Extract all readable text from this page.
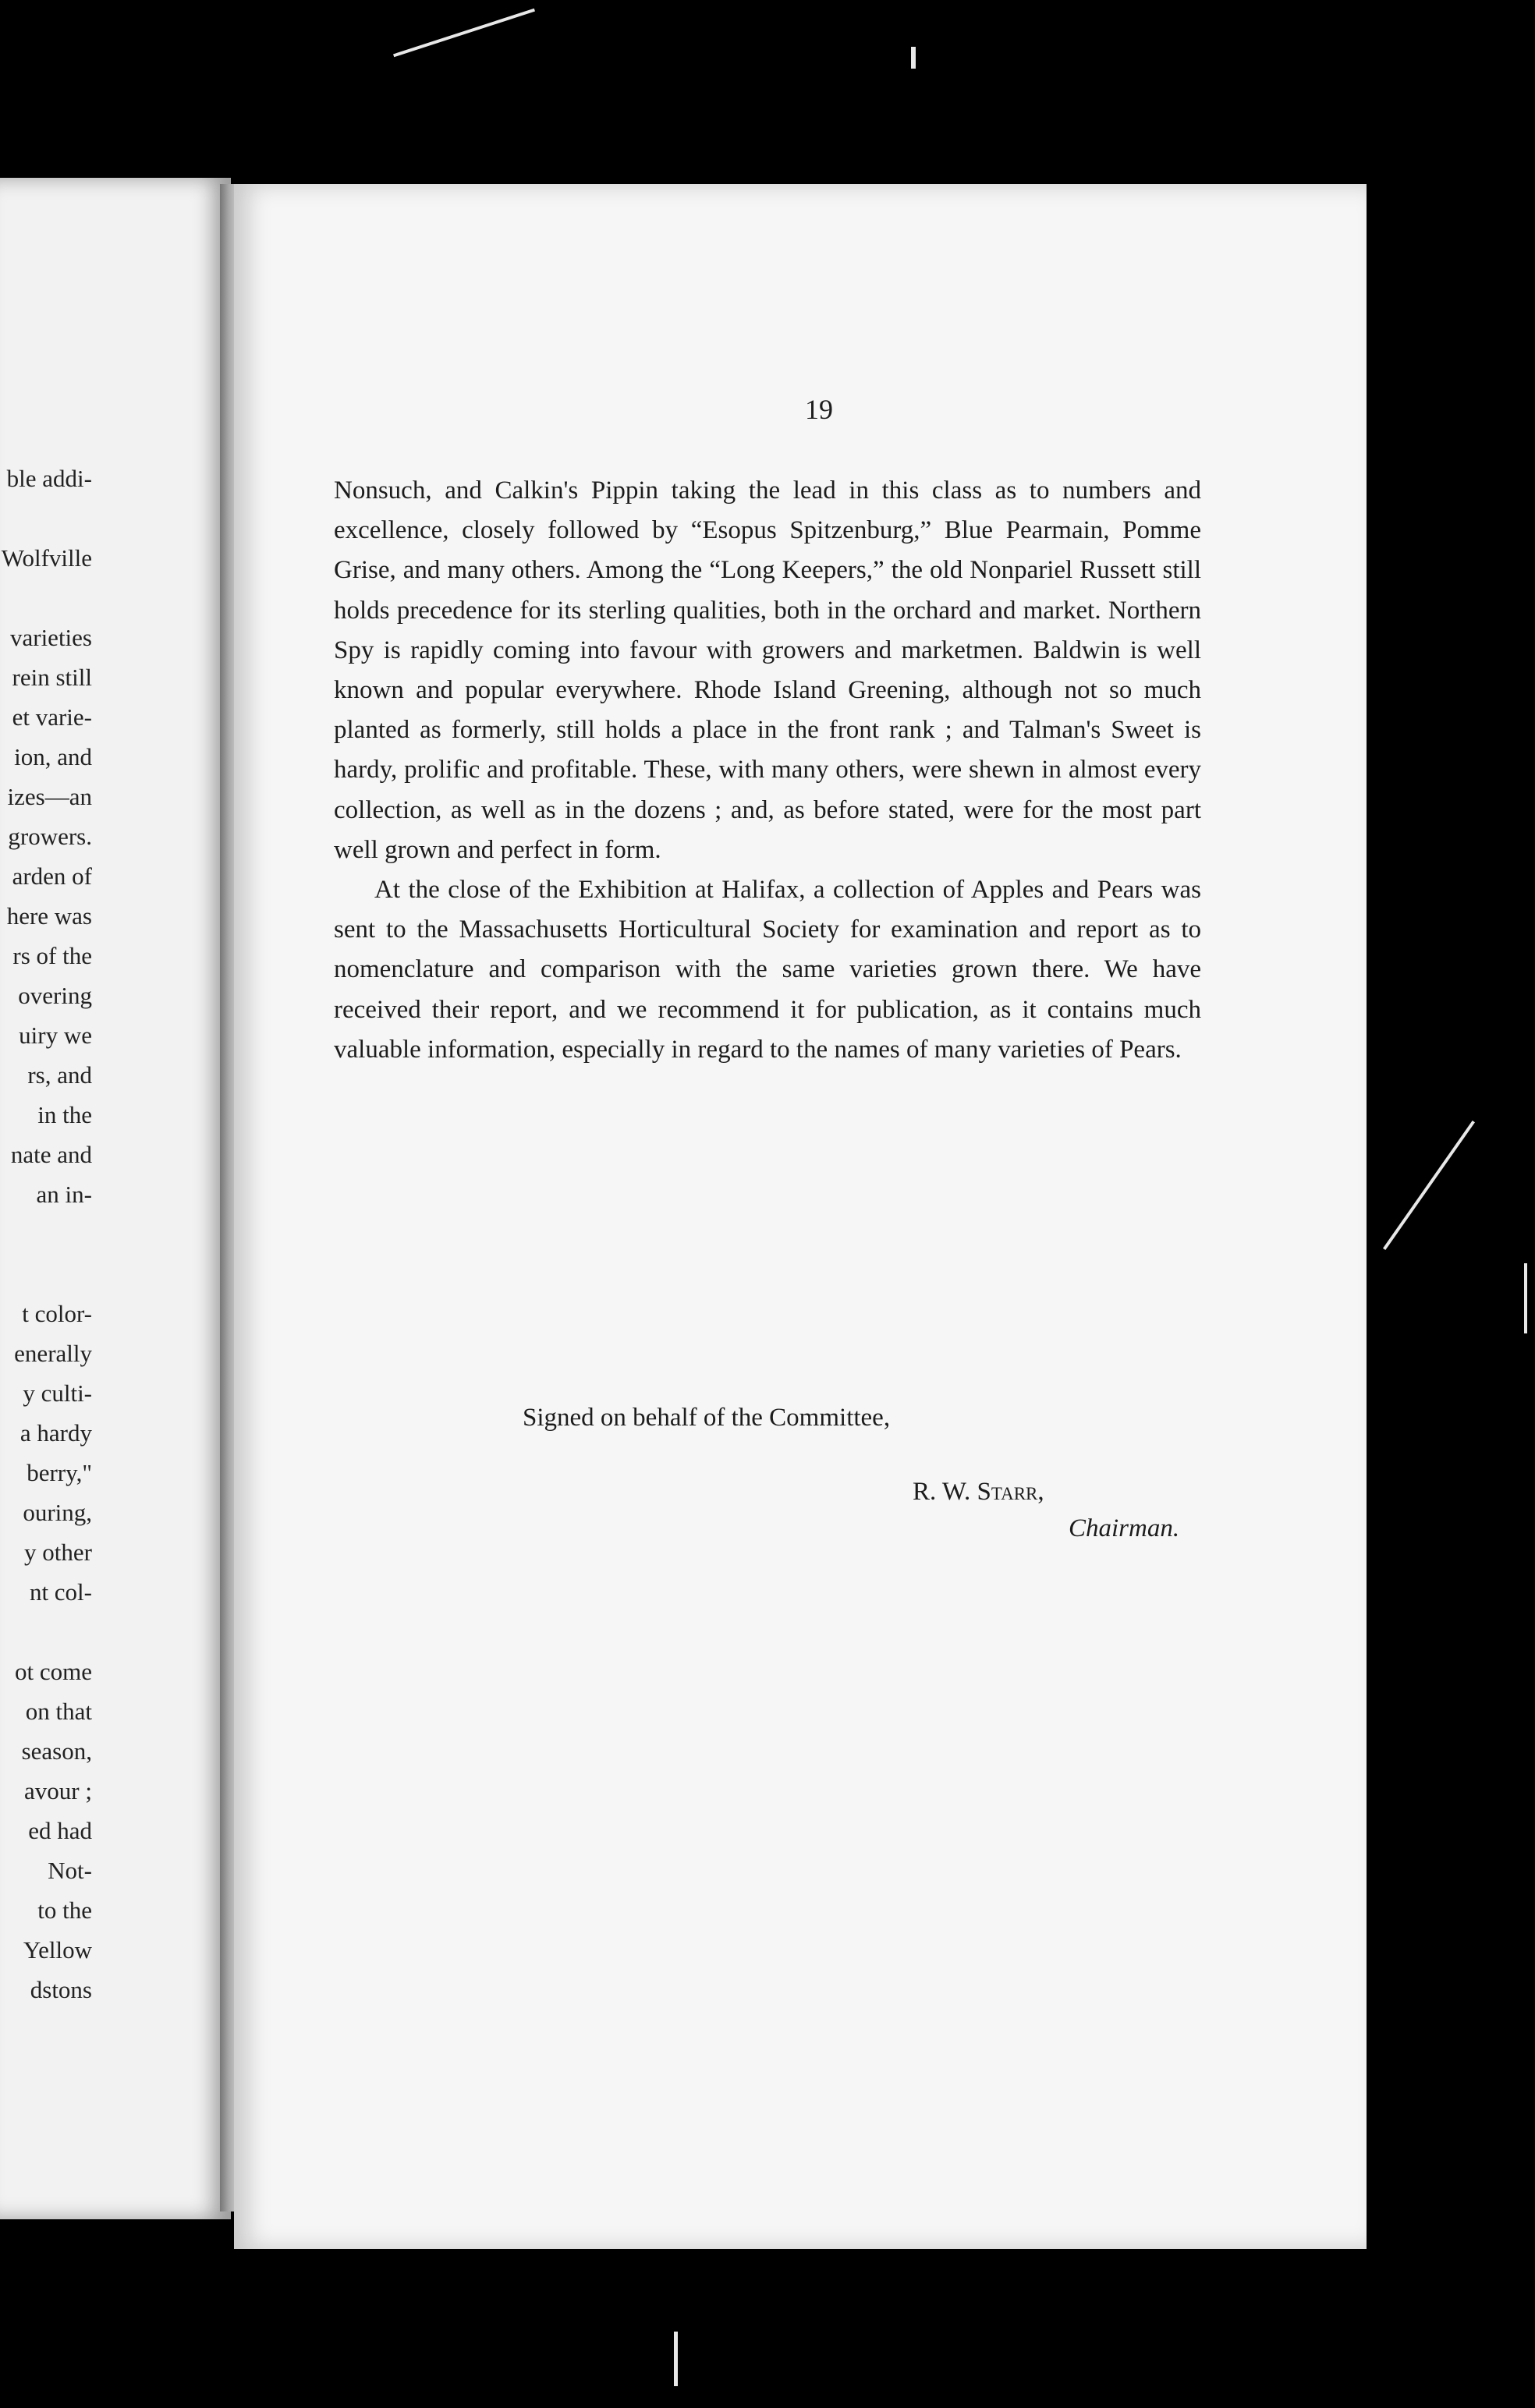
ble addi-
Wolfville
varieties
rein still
et varie-
ion, and
izes—an
growers.
arden of
here was
rs of the
overing
uiry we
rs, and
in the
nate and
an in-
t color-
enerally
y culti-
a hardy
berry,"
ouring,
y other
nt col-
ot come
on that
season,
avour ;
ed had
Not-
to the
Yellow
dstons
19

Nonsuch, and Calkin's Pippin taking the lead in this class as to numbers and excellence, closely followed by “Esopus Spitzenburg,” Blue Pearmain, Pomme Grise, and many others. Among the “Long Keepers,” the old Nonpariel Russett still holds precedence for its sterling qualities, both in the orchard and market. Northern Spy is rapidly coming into favour with growers and marketmen. Baldwin is well known and popular everywhere. Rhode Island Greening, although not so much planted as formerly, still holds a place in the front rank ; and Talman's Sweet is hardy, prolific and profitable. These, with many others, were shewn in almost every collection, as well as in the dozens ; and, as before stated, were for the most part well grown and perfect in form.

At the close of the Exhibition at Halifax, a collection of Apples and Pears was sent to the Massachusetts Horticultural Society for examination and report as to nomenclature and comparison with the same varieties grown there. We have received their report, and we recommend it for publication, as it contains much valuable information, especially in regard to the names of many varieties of Pears.

Signed on behalf of the Committee,
R. W. Starr,
Chairman.
